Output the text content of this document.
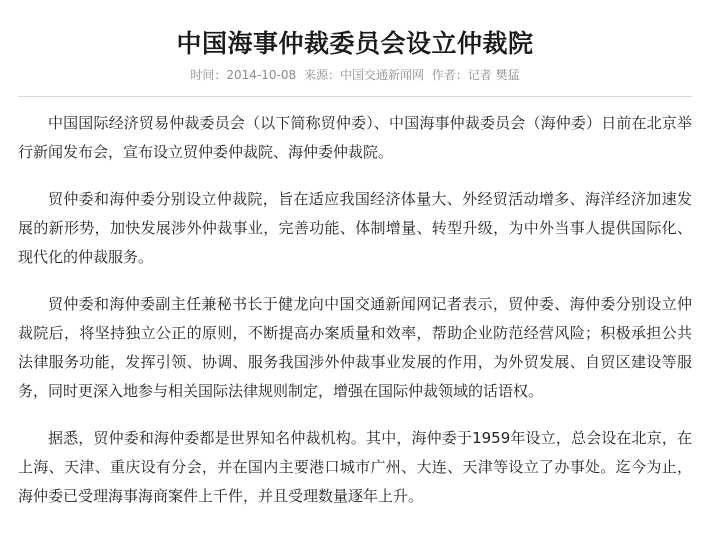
中国海事仲裁委员会设立仲裁院
时间：2014-10-08 来源：中国交通新闻网 作者：记者 樊猛

中国国际经济贸易仲裁委员会（以下简称贸仲委）、中国海事仲裁委员会（海仲委）日前在北京举行新闻发布会，宣布设立贸仲委仲裁院、海仲委仲裁院。

贸仲委和海仲委分别设立仲裁院，旨在适应我国经济体量大、外经贸活动增多、海洋经济加速发展的新形势，加快发展涉外仲裁事业，完善功能、体制增量、转型升级，为中外当事人提供国际化、现代化的仲裁服务。

贸仲委和海仲委副主任兼秘书长于健龙向中国交通新闻网记者表示，贸仲委、海仲委分别设立仲裁院后，将坚持独立公正的原则，不断提高办案质量和效率，帮助企业防范经营风险；积极承担公共法律服务功能，发挥引领、协调、服务我国涉外仲裁事业发展的作用，为外贸发展、自贸区建设等服务，同时更深入地参与相关国际法律规则制定，增强在国际仲裁领域的话语权。

据悉，贸仲委和海仲委都是世界知名仲裁机构。其中，海仲委于1959年设立，总会设在北京，在上海、天津、重庆设有分会，并在国内主要港口城市广州、大连、天津等设立了办事处。迄今为止，海仲委已受理海事海商案件上千件，并且受理数量逐年上升。
